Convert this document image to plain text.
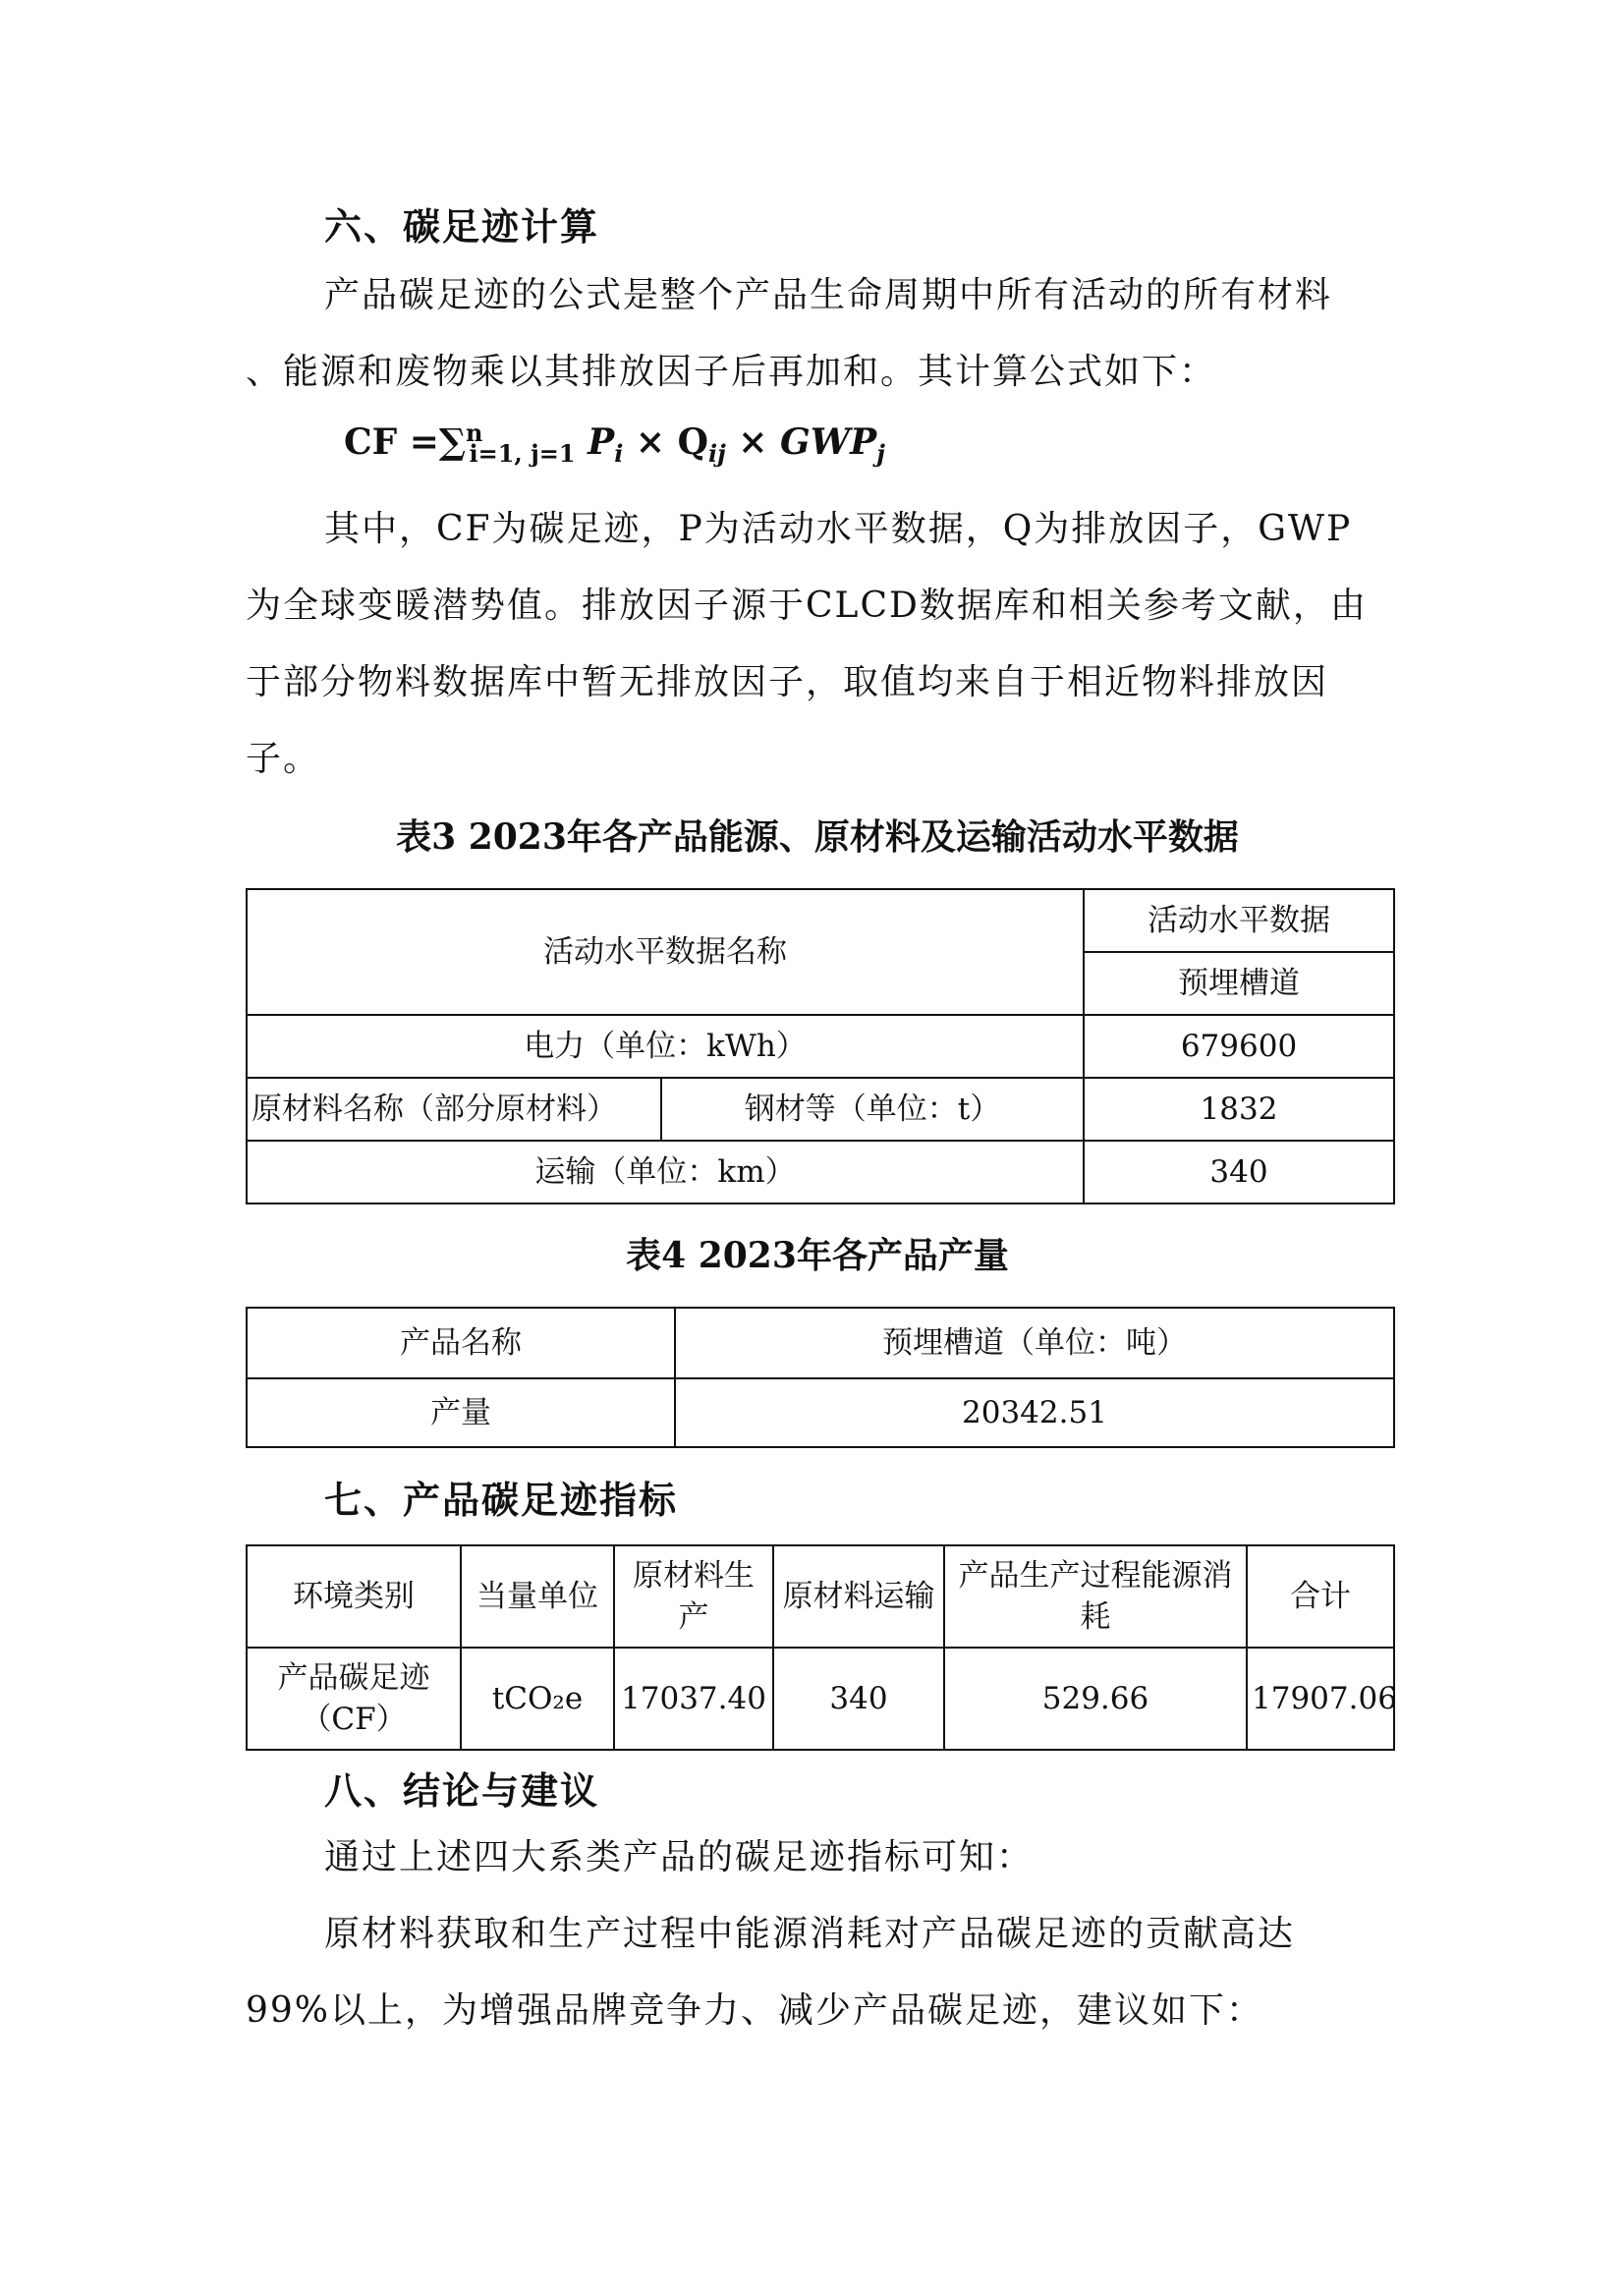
六、碳足迹计算
产品碳足迹的公式是整个产品生命周期中所有活动的所有材料
、能源和废物乘以其排放因子后再加和。其计算公式如下：
CF =∑$^n_{i=1, j=1}$ $P_i \times Q_{ij} \times GWP_j$
其中，CF为碳足迹，P为活动水平数据，Q为排放因子，GWP
为全球变暖潜势值。排放因子源于CLCD数据库和相关参考文献，由
于部分物料数据库中暂无排放因子，取值均来自于相近物料排放因
子。
表3 2023年各产品能源、原材料及运输活动水平数据
活动水平数据名称		活动水平数据
		预埋槽道
电力（单位：kWh）		679600
原材料名称（部分原材料）	钢材等（单位：t）	1832
运输（单位：km）		340
表4 2023年各产品产量
产品名称	预埋槽道（单位：吨）
产量	20342.51
七、产品碳足迹指标
环境类别	当量单位	原材料生产	原材料运输	产品生产过程能源消耗	合计
产品碳足迹（CF）	tCO₂e	17037.40	340	529.66	17907.06
八、结论与建议
通过上述四大系类产品的碳足迹指标可知：
原材料获取和生产过程中能源消耗对产品碳足迹的贡献高达
99%以上，为增强品牌竞争力、减少产品碳足迹，建议如下：
